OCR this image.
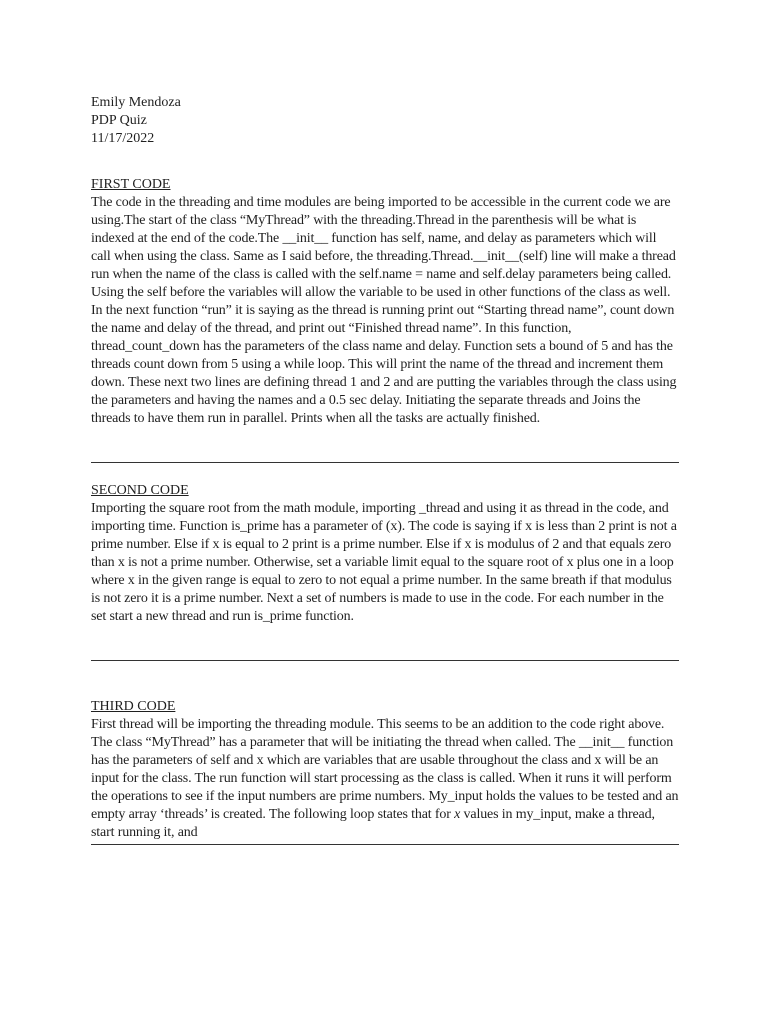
Emily Mendoza

PDP Quiz

11/17/2022

FIRST CODE

The code in the threading and time modules are being imported to be accessible in the current code we are using.The start of the class “MyThread” with the threading.Thread in the parenthesis will be what is indexed at the end of the code.The __init__ function has self, name, and delay as parameters which will call when using the class. Same as I said before, the threading.Thread.__init__(self) line will make a thread run when the name of the class is called with the self.name = name and self.delay parameters being called. Using the self before the variables will allow the variable to be used in other functions of the class as well. In the next function “run” it is saying as the thread is running print out “Starting thread name”, count down the name and delay of the thread, and print out “Finished thread name”. In this function, thread_count_down has the parameters of the class name and delay. Function sets a bound of 5 and has the threads count down from 5 using a while loop. This will print the name of the thread and increment them down. These next two lines are defining thread 1 and 2 and are putting the variables through the class using the parameters and having the names and a 0.5 sec delay. Initiating the separate threads and Joins the threads to have them run in parallel. Prints when all the tasks are actually finished.

SECOND CODE

Importing the square root from the math module, importing _thread and using it as thread in the code, and importing time. Function is_prime has a parameter of (x). The code is saying if x is less than 2 print is not a prime number. Else if x is equal to 2 print is a prime number. Else if x is modulus of 2 and that equals zero than x is not a prime number. Otherwise, set a variable limit equal to the square root of x plus one in a loop where x in the given range is equal to zero to not equal a prime number. In the same breath if that modulus is not zero it is a prime number. Next a set of numbers is made to use in the code. For each number in the set start a new thread and run is_prime function.

THIRD CODE

First thread will be importing the threading module. This seems to be an addition to the code right above. The class “MyThread” has a parameter that will be initiating the thread when called. The __init__ function has the parameters of self and x which are variables that are usable throughout the class and x will be an input for the class. The run function will start processing as the class is called. When it runs it will perform the operations to see if the input numbers are prime numbers. My_input holds the values to be tested and an empty array ‘threads’ is created. The following loop states that for x values in my_input, make a thread, start running it, and
